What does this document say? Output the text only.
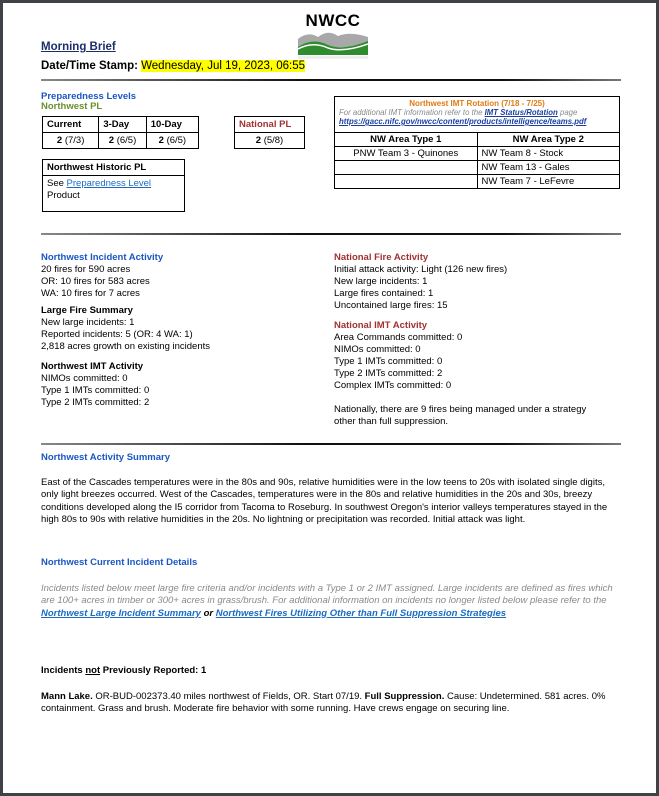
NWCC
Morning Brief
Date/Time Stamp: Wednesday, Jul 19, 2023, 06:55
Preparedness Levels
Northwest PL
Current	3-Day	10-Day
2 (7/3)	2 (6/5)	2 (6/5)
National PL
2 (5/8)
Northwest Historic PL
See Preparedness Level
Product
Northwest IMT Rotation (7/18 - 7/25)
For additional IMT information refer to the IMT Status/Rotation page
https://gacc.nifc.gov/nwcc/content/products/intelligence/teams.pdf
NW Area Type 1	NW Area Type 2
PNW Team 3 - Quinones	NW Team 8 - Stock
	NW Team 13 - Gales
	NW Team 7 - LeFevre
Northwest Incident Activity
20 fires for 590 acres
OR: 10 fires for 583 acres
WA: 10 fires for 7 acres
Large Fire Summary
New large incidents: 1
Reported incidents: 5 (OR: 4 WA: 1)
2,818 acres growth on existing incidents
Northwest IMT Activity
NIMOs committed: 0
Type 1 IMTs committed: 0
Type 2 IMTs committed: 2
National Fire Activity
Initial attack activity: Light (126 new fires)
New large incidents: 1
Large fires contained: 1
Uncontained large fires: 15
National IMT Activity
Area Commands committed: 0
NIMOs committed: 0
Type 1 IMTs committed: 0
Type 2 IMTs committed: 2
Complex IMTs committed: 0
Nationally, there are 9 fires being managed under a strategy other than full suppression.
Northwest Activity Summary
East of the Cascades temperatures were in the 80s and 90s, relative humidities were in the low teens to 20s with isolated single digits, only light breezes occurred. West of the Cascades, temperatures were in the 80s and relative humidities in the 20s and 30s, breezy conditions developed along the I5 corridor from Tacoma to Roseburg. In southwest Oregon's interior valleys temperatures stayed in the high 80s to 90s with relative humidities in the 20s. No lightning or precipitation was recorded. Initial attack was light.
Northwest Current Incident Details
Incidents listed below meet large fire criteria and/or incidents with a Type 1 or 2 IMT assigned. Large incidents are defined as fires which are 100+ acres in timber or 300+ acres in grass/brush. For additional information on incidents no longer listed below please refer to the Northwest Large Incident Summary or Northwest Fires Utilizing Other than Full Suppression Strategies
Incidents not Previously Reported: 1
Mann Lake. OR-BUD-002373.40 miles northwest of Fields, OR. Start 07/19. Full Suppression. Cause: Undetermined. 581 acres. 0% containment. Grass and brush. Moderate fire behavior with some running. Have crews engage on securing line.
